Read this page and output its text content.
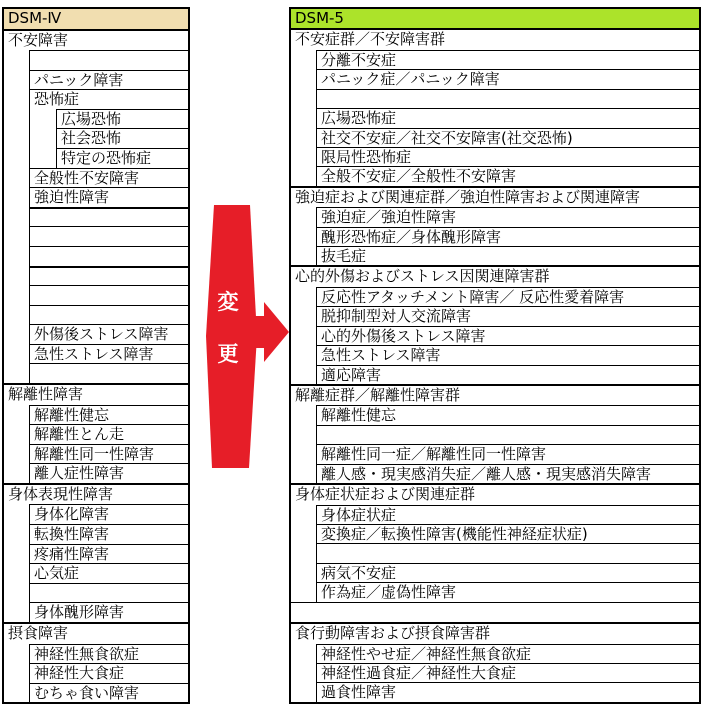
DSM-Ⅳ
不安障害
パニック障害
恐怖症
広場恐怖
社会恐怖
特定の恐怖症
全般性不安障害
強迫性障害
外傷後ストレス障害
急性ストレス障害
解離性障害
解離性健忘
解離性とん走
解離性同一性障害
離人症性障害
身体表現性障害
身体化障害
転換性障害
疼痛性障害
心気症
身体醜形障害
摂食障害
神経性無食欲症
神経性大食症
むちゃ食い障害
変
更
DSM-5
不安症群／不安障害群
分離不安症
パニック症／パニック障害
広場恐怖症
社交不安症／社交不安障害(社交恐怖)
限局性恐怖症
全般不安症／全般性不安障害
強迫症および関連症群／強迫性障害および関連障害
強迫症／強迫性障害
醜形恐怖症／身体醜形障害
抜毛症
心的外傷およびストレス因関連障害群
反応性アタッチメント障害／ 反応性愛着障害
脱抑制型対人交流障害
心的外傷後ストレス障害
急性ストレス障害
適応障害
解離症群／解離性障害群
解離性健忘
解離性同一症／解離性同一性障害
離人感・現実感消失症／離人感・現実感消失障害
身体症状症および関連症群
身体症状症
変換症／転換性障害(機能性神経症状症)
病気不安症
作為症／虚偽性障害
食行動障害および摂食障害群
神経性やせ症／神経性無食欲症
神経性過食症／神経性大食症
過食性障害
